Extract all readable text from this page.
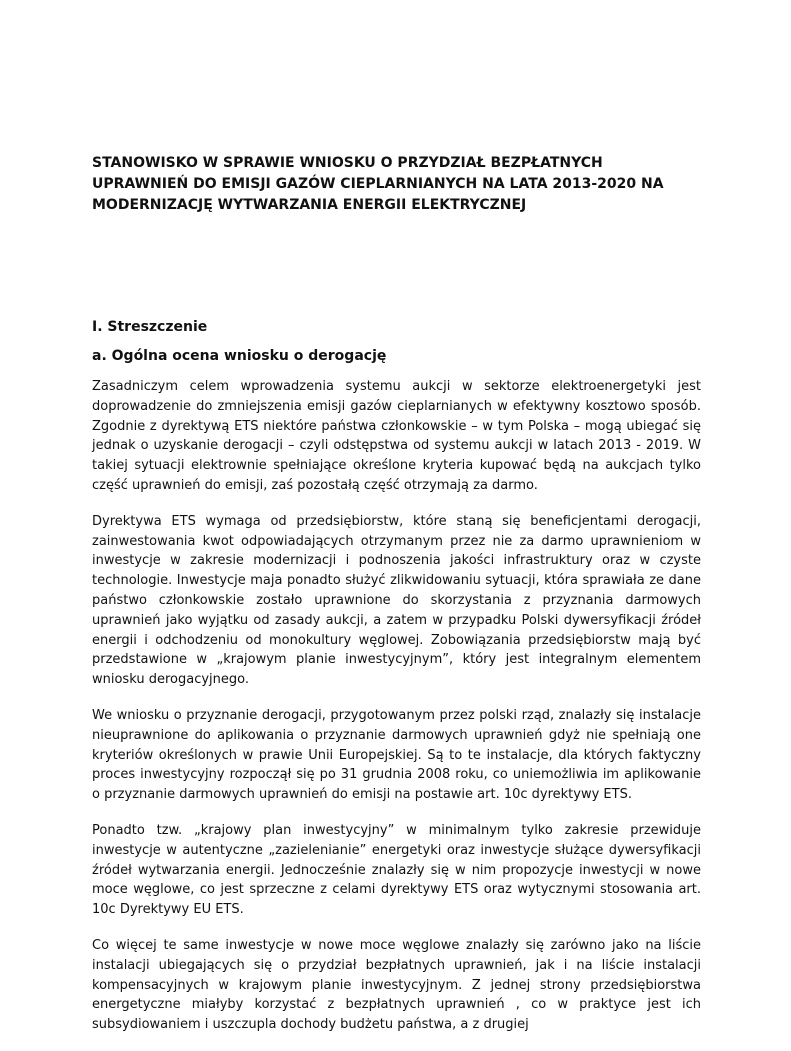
STANOWISKO W SPRAWIE WNIOSKU O PRZYDZIAŁ BEZPŁATNYCH UPRAWNIEŃ DO EMISJI GAZÓW CIEPLARNIANYCH NA LATA 2013-2020 NA MODERNIZACJĘ WYTWARZANIA ENERGII ELEKTRYCZNEJ
I. Streszczenie
a. Ogólna ocena wniosku o derogację

Zasadniczym celem wprowadzenia systemu aukcji w sektorze elektroenergetyki jest doprowadzenie do zmniejszenia emisji gazów cieplarnianych w efektywny kosztowo sposób. Zgodnie z dyrektywą ETS niektóre państwa członkowskie – w tym Polska – mogą ubiegać się jednak o uzyskanie derogacji – czyli odstępstwa od systemu aukcji w latach 2013 - 2019. W takiej sytuacji elektrownie spełniające określone kryteria kupować będą na aukcjach tylko część uprawnień do emisji, zaś pozostałą część otrzymają za darmo.

Dyrektywa ETS wymaga od przedsiębiorstw, które staną się beneficjentami derogacji, zainwestowania kwot odpowiadających otrzymanym przez nie za darmo uprawnieniom w inwestycje w zakresie modernizacji i podnoszenia jakości infrastruktury oraz w czyste technologie. Inwestycje maja ponadto służyć zlikwidowaniu sytuacji, która sprawiała ze dane państwo członkowskie zostało uprawnione do skorzystania z przyznania darmowych uprawnień jako wyjątku od zasady aukcji, a zatem w przypadku Polski dywersyfikacji źródeł energii i odchodzeniu od monokultury węglowej. Zobowiązania przedsiębiorstw mają być przedstawione w „krajowym planie inwestycyjnym”, który jest integralnym elementem wniosku derogacyjnego.

We wniosku o przyznanie derogacji, przygotowanym przez polski rząd, znalazły się instalacje nieuprawnione do aplikowania o przyznanie darmowych uprawnień gdyż nie spełniają one kryteriów określonych w prawie Unii Europejskiej. Są to te instalacje, dla których faktyczny proces inwestycyjny rozpoczął się po 31 grudnia 2008 roku, co uniemożliwia im aplikowanie o przyznanie darmowych uprawnień do emisji na postawie art. 10c dyrektywy ETS.

Ponadto tzw. „krajowy plan inwestycyjny” w minimalnym tylko zakresie przewiduje inwestycje w autentyczne „zazielenianie” energetyki oraz inwestycje służące dywersyfikacji źródeł wytwarzania energii. Jednocześnie znalazły się w nim propozycje inwestycji w nowe moce węglowe, co jest sprzeczne z celami dyrektywy ETS oraz wytycznymi stosowania art. 10c Dyrektywy EU ETS.

Co więcej te same inwestycje w nowe moce węglowe znalazły się zarówno jako na liście instalacji ubiegających się o przydział bezpłatnych uprawnień, jak i na liście instalacji kompensacyjnych w krajowym planie inwestycyjnym. Z jednej strony przedsiębiorstwa energetyczne miałyby korzystać z bezpłatnych uprawnień , co w praktyce jest ich subsydiowaniem i uszczupla dochody budżetu państwa, a z drugiej
